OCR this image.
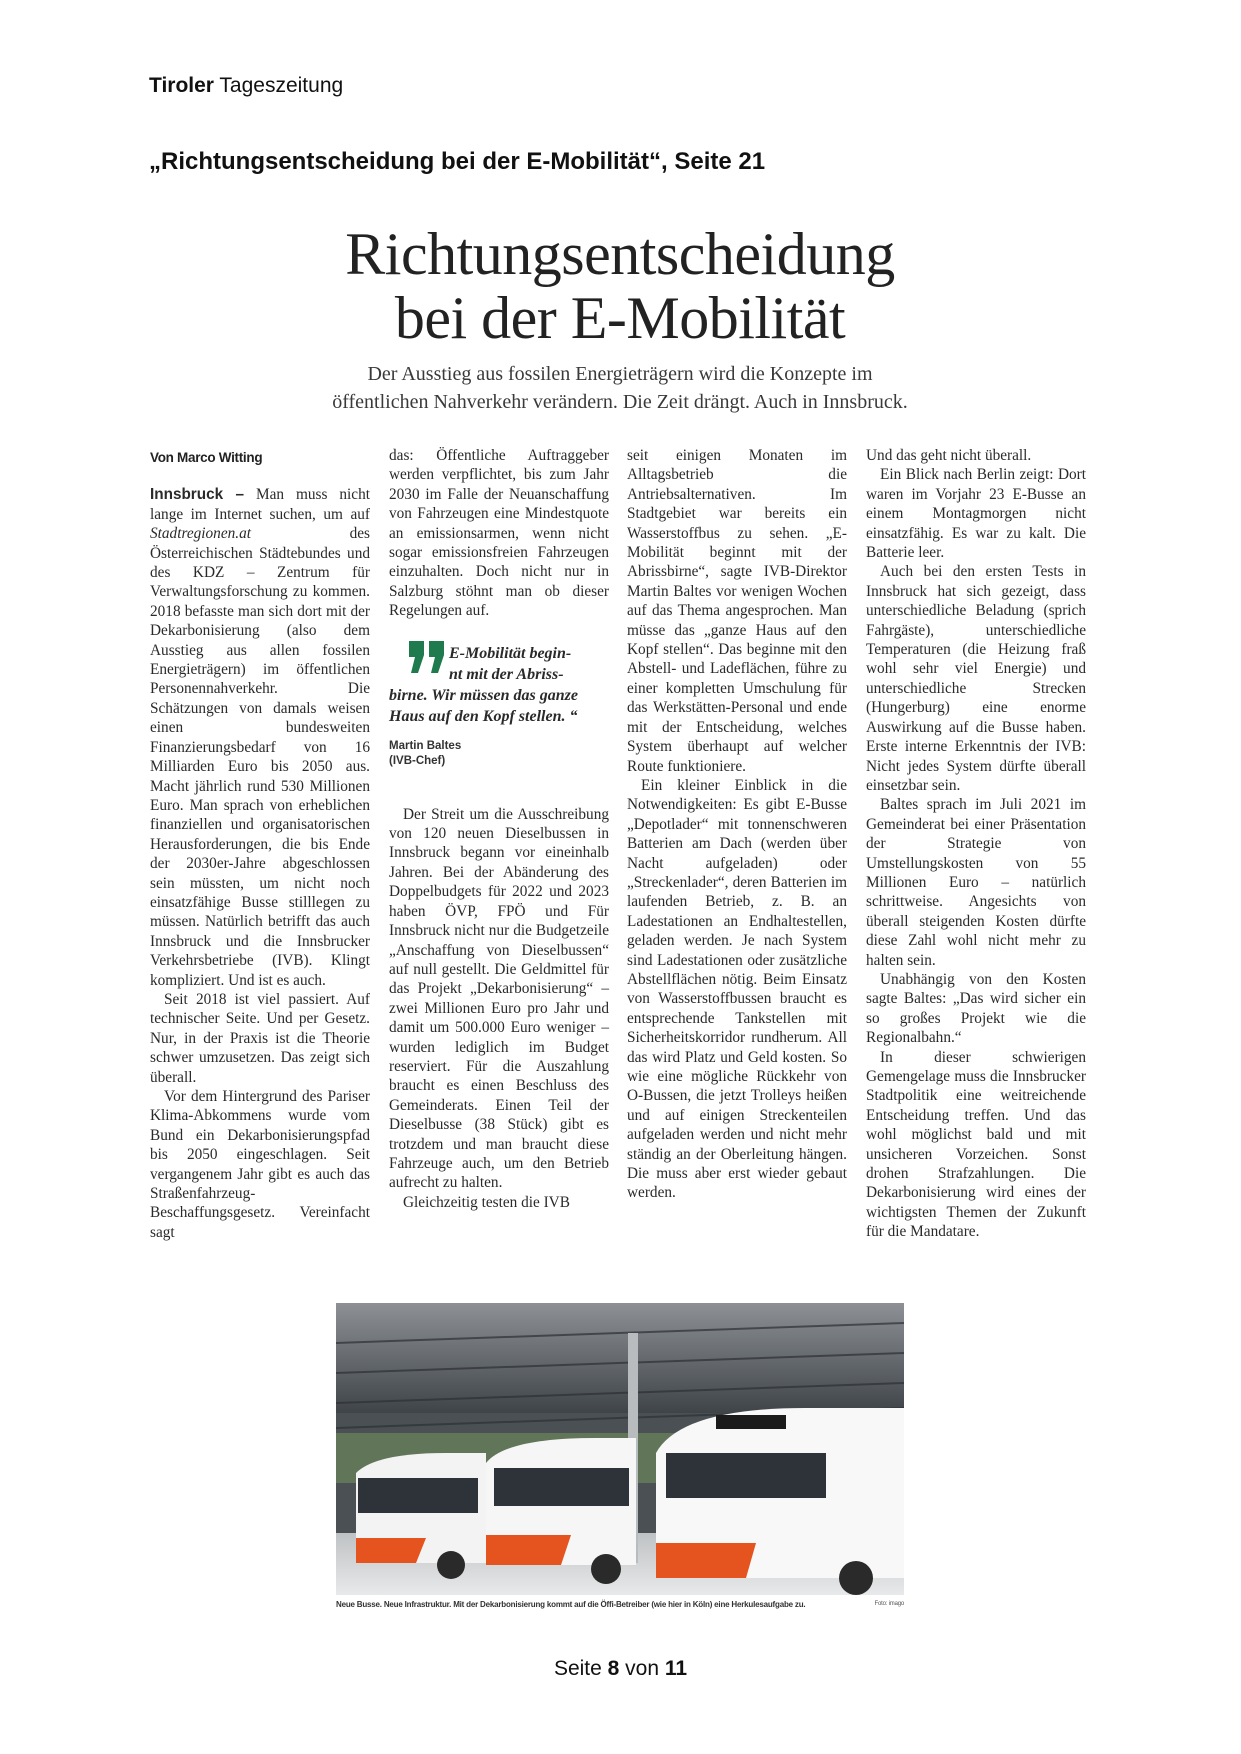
Tiroler Tageszeitung
„Richtungsentscheidung bei der E-Mobilität“, Seite 21
Richtungsentscheidung
bei der E-Mobilität
Der Ausstieg aus fossilen Energieträgern wird die Konzepte im
öffentlichen Nahverkehr verändern. Die Zeit drängt. Auch in Innsbruck.
Von Marco Witting

Innsbruck – Man muss nicht lange im Internet suchen, um auf Stadtregionen.at des Österreichischen Städtebundes und des KDZ – Zentrum für Verwaltungsforschung zu kommen. 2018 befasste man sich dort mit der Dekarbonisierung (also dem Ausstieg aus allen fossilen Energieträgern) im öffentlichen Personennahverkehr. Die Schätzungen von damals weisen einen bundesweiten Finanzierungsbedarf von 16 Milliarden Euro bis 2050 aus. Macht jährlich rund 530 Millionen Euro. Man sprach von erheblichen finanziellen und organisatorischen Herausforderungen, die bis Ende der 2030er-Jahre abgeschlossen sein müssten, um nicht noch einsatzfähige Busse stilllegen zu müssen. Natürlich betrifft das auch Innsbruck und die Innsbrucker Verkehrsbetriebe (IVB). Klingt kompliziert. Und ist es auch.

Seit 2018 ist viel passiert. Auf technischer Seite. Und per Gesetz. Nur, in der Praxis ist die Theorie schwer umzusetzen. Das zeigt sich überall.

Vor dem Hintergrund des Pariser Klima-Abkommens wurde vom Bund ein Dekarbonisierungspfad bis 2050 eingeschlagen. Seit vergangenem Jahr gibt es auch das Straßenfahrzeug-Beschaffungsgesetz. Vereinfacht sagt

das: Öffentliche Auftraggeber werden verpflichtet, bis zum Jahr 2030 im Falle der Neuanschaffung von Fahrzeugen eine Mindestquote an emissionsarmen, wenn nicht sogar emissionsfreien Fahrzeugen einzuhalten. Doch nicht nur in Salzburg stöhnt man ob dieser Regelungen auf.

E-Mobilität begin-
nt mit der Abriss-
birne. Wir müssen das ganze Haus auf den Kopf stellen. “
Martin Baltes
(IVB-Chef)

Der Streit um die Ausschreibung von 120 neuen Dieselbussen in Innsbruck begann vor eineinhalb Jahren. Bei der Abänderung des Doppelbudgets für 2022 und 2023 haben ÖVP, FPÖ und Für Innsbruck nicht nur die Budgetzeile „Anschaffung von Dieselbussen“ auf null gestellt. Die Geldmittel für das Projekt „Dekarbonisierung“ – zwei Millionen Euro pro Jahr und damit um 500.000 Euro weniger – wurden lediglich im Budget reserviert. Für die Auszahlung braucht es einen Beschluss des Gemeinderats. Einen Teil der Dieselbusse (38 Stück) gibt es trotzdem und man braucht diese Fahrzeuge auch, um den Betrieb aufrecht zu halten.

Gleichzeitig testen die IVB

seit einigen Monaten im Alltagsbetrieb die Antriebsalternativen. Im Stadtgebiet war bereits ein Wasserstoffbus zu sehen. „E-Mobilität beginnt mit der Abrissbirne“, sagte IVB-Direktor Martin Baltes vor wenigen Wochen auf das Thema angesprochen. Man müsse das „ganze Haus auf den Kopf stellen“. Das beginne mit den Abstell- und Ladeflächen, führe zu einer kompletten Umschulung für das Werkstätten-Personal und ende mit der Entscheidung, welches System überhaupt auf welcher Route funktioniere.

Ein kleiner Einblick in die Notwendigkeiten: Es gibt E-Busse „Depotlader“ mit tonnenschweren Batterien am Dach (werden über Nacht aufgeladen) oder „Streckenlader“, deren Batterien im laufenden Betrieb, z. B. an Ladestationen an Endhaltestellen, geladen werden. Je nach System sind Ladestationen oder zusätzliche Abstellflächen nötig. Beim Einsatz von Wasserstoffbussen braucht es entsprechende Tankstellen mit Sicherheitskorridor rundherum. All das wird Platz und Geld kosten. So wie eine mögliche Rückkehr von O-Bussen, die jetzt Trolleys heißen und auf einigen Streckenteilen aufgeladen werden und nicht mehr ständig an der Oberleitung hängen. Die muss aber erst wieder gebaut werden.

Und das geht nicht überall.

Ein Blick nach Berlin zeigt: Dort waren im Vorjahr 23 E-Busse an einem Montagmorgen nicht einsatzfähig. Es war zu kalt. Die Batterie leer.

Auch bei den ersten Tests in Innsbruck hat sich gezeigt, dass unterschiedliche Beladung (sprich Fahrgäste), unterschiedliche Temperaturen (die Heizung fraß wohl sehr viel Energie) und unterschiedliche Strecken (Hungerburg) eine enorme Auswirkung auf die Busse haben. Erste interne Erkenntnis der IVB: Nicht jedes System dürfte überall einsetzbar sein.

Baltes sprach im Juli 2021 im Gemeinderat bei einer Präsentation der Strategie von Umstellungskosten von 55 Millionen Euro – natürlich schrittweise. Angesichts von überall steigenden Kosten dürfte diese Zahl wohl nicht mehr zu halten sein.

Unabhängig von den Kosten sagte Baltes: „Das wird sicher ein so großes Projekt wie die Regionalbahn.“

In dieser schwierigen Gemengelage muss die Innsbrucker Stadtpolitik eine weitreichende Entscheidung treffen. Und das wohl möglichst bald und mit unsicheren Vorzeichen. Sonst drohen Strafzahlungen. Die Dekarbonisierung wird eines der wichtigsten Themen der Zukunft für die Mandatare.

Neue Busse. Neue Infrastruktur. Mit der Dekarbonisierung kommt auf die Öffi-Betreiber (wie hier in Köln) eine Herkulesaufgabe zu.	Foto: imago
Seite 8 von 11
